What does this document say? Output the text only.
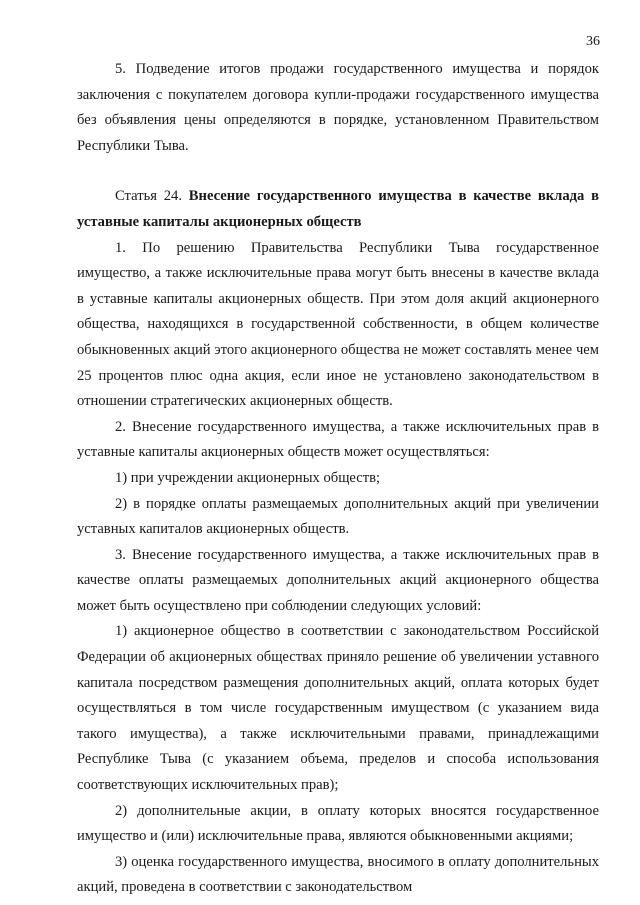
36

5. Подведение итогов продажи государственного имущества и порядок заключения с покупателем договора купли-продажи государственного имущества без объявления цены определяются в порядке, установленном Правительством Республики Тыва.

Статья 24. Внесение государственного имущества в качестве вклада в уставные капиталы акционерных обществ

1. По решению Правительства Республики Тыва государственное имущество, а также исключительные права могут быть внесены в качестве вклада в уставные капиталы акционерных обществ. При этом доля акций акционерного общества, находящихся в государственной собственности, в общем количестве обыкновенных акций этого акционерного общества не может составлять менее чем 25 процентов плюс одна акция, если иное не установлено законодательством в отношении стратегических акционерных обществ.

2. Внесение государственного имущества, а также исключительных прав в уставные капиталы акционерных обществ может осуществляться:

1) при учреждении акционерных обществ;

2) в порядке оплаты размещаемых дополнительных акций при увеличении уставных капиталов акционерных обществ.

3. Внесение государственного имущества, а также исключительных прав в качестве оплаты размещаемых дополнительных акций акционерного общества может быть осуществлено при соблюдении следующих условий:

1) акционерное общество в соответствии с законодательством Российской Федерации об акционерных обществах приняло решение об увеличении уставного капитала посредством размещения дополнительных акций, оплата которых будет осуществляться в том числе государственным имуществом (с указанием вида такого имущества), а также исключительными правами, принадлежащими Республике Тыва (с указанием объема, пределов и способа использования соответствующих исключительных прав);

2) дополнительные акции, в оплату которых вносятся государственное имущество и (или) исключительные права, являются обыкновенными акциями;

3) оценка государственного имущества, вносимого в оплату дополнительных акций, проведена в соответствии с законодательством
